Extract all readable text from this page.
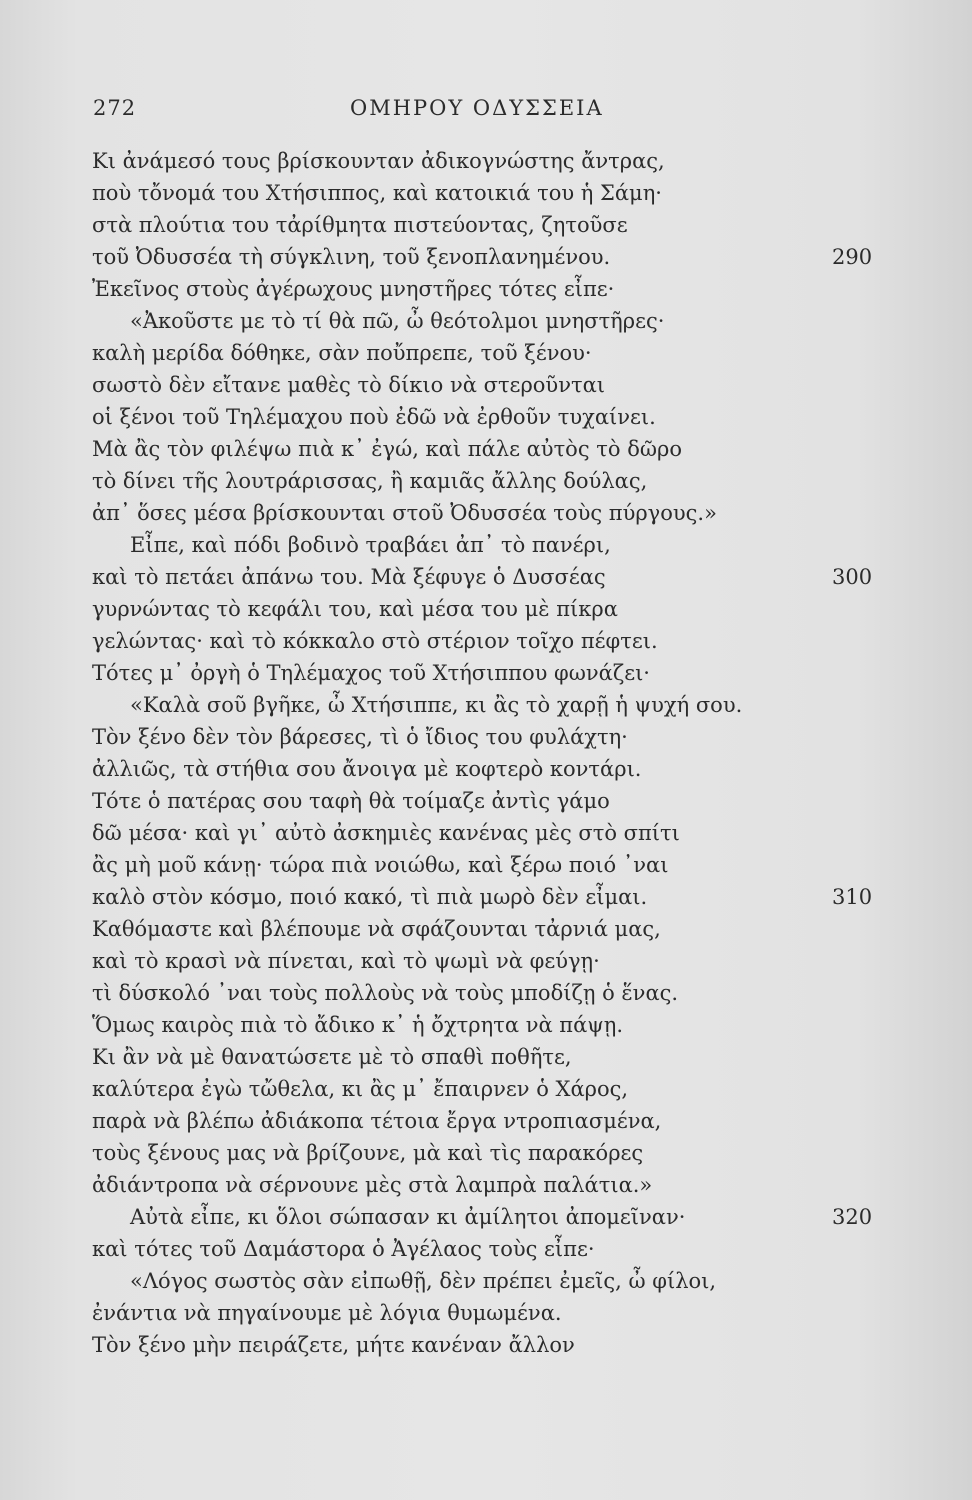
272	ΟΜΗΡΟΥ ΟΔΥΣΣΕΙΑ
Κι ἀνάμεσό τους βρίσκουνταν ἀδικογνώστης ἄντρας,
ποὺ τὄνομά του Χτήσιππος, καὶ κατοικιά του ἡ Σάμη·
στὰ πλούτια του τἀρίθμητα πιστεύοντας, ζητοῦσε
τοῦ Ὀδυσσέα τὴ σύγκλινη, τοῦ ξενοπλανημένου.	290
Ἐκεῖνος στοὺς ἀγέρωχους μνηστῆρες τότες εἶπε·
«Ἀκοῦστε με τὸ τί θὰ πῶ, ὦ θεότολμοι μνηστῆρες·
καλὴ μερίδα δόθηκε, σὰν ποὔπρεπε, τοῦ ξένου·
σωστὸ δὲν εἴτανε μαθὲς τὸ δίκιο νὰ στεροῦνται
οἱ ξένοι τοῦ Τηλέμαχου ποὺ ἐδῶ νὰ ἐρθοῦν τυχαίνει.
Μὰ ἂς τὸν φιλέψω πιὰ κ᾿ ἐγώ, καὶ πάλε αὐτὸς τὸ δῶρο
τὸ δίνει τῆς λουτράρισσας, ἢ καμιᾶς ἄλλης δούλας,
ἀπ᾿ ὅσες μέσα βρίσκουνται στοῦ Ὀδυσσέα τοὺς πύργους.»
Εἶπε, καὶ πόδι βοδινὸ τραβάει ἀπ᾿ τὸ πανέρι,
καὶ τὸ πετάει ἀπάνω του. Μὰ ξέφυγε ὁ Δυσσέας	300
γυρνώντας τὸ κεφάλι του, καὶ μέσα του μὲ πίκρα
γελώντας· καὶ τὸ κόκκαλο στὸ στέριον τοῖχο πέφτει.
Τότες μ᾿ ὀργὴ ὁ Τηλέμαχος τοῦ Χτήσιππου φωνάζει·
«Καλὰ σοῦ βγῆκε, ὦ Χτήσιππε, κι ἂς τὸ χαρῇ ἡ ψυχή σου.
Τὸν ξένο δὲν τὸν βάρεσες, τὶ ὁ ἴδιος του φυλάχτη·
ἀλλιῶς, τὰ στήθια σου ἄνοιγα μὲ κοφτερὸ κοντάρι.
Τότε ὁ πατέρας σου ταφὴ θὰ τοίμαζε ἀντὶς γάμο
δῶ μέσα· καὶ γι᾿ αὐτὸ ἀσκημιὲς κανένας μὲς στὸ σπίτι
ἂς μὴ μοῦ κάνῃ· τώρα πιὰ νοιώθω, καὶ ξέρω ποιό ᾿ναι
καλὸ στὸν κόσμο, ποιό κακό, τὶ πιὰ μωρὸ δὲν εἶμαι.	310
Καθόμαστε καὶ βλέπουμε νὰ σφάζουνται τἀρνιά μας,
καὶ τὸ κρασὶ νὰ πίνεται, καὶ τὸ ψωμὶ νὰ φεύγῃ·
τὶ δύσκολό ᾿ναι τοὺς πολλοὺς νὰ τοὺς μποδίζῃ ὁ ἕνας.
Ὅμως καιρὸς πιὰ τὸ ἄδικο κ᾿ ἡ ὄχτρητα νὰ πάψῃ.
Κι ἂν νὰ μὲ θανατώσετε μὲ τὸ σπαθὶ ποθῆτε,
καλύτερα ἐγὼ τὤθελα, κι ἂς μ᾿ ἔπαιρνεν ὁ Χάρος,
παρὰ νὰ βλέπω ἀδιάκοπα τέτοια ἔργα ντροπιασμένα,
τοὺς ξένους μας νὰ βρίζουνε, μὰ καὶ τὶς παρακόρες
ἀδιάντροπα νὰ σέρνουνε μὲς στὰ λαμπρὰ παλάτια.»
Αὐτὰ εἶπε, κι ὅλοι σώπασαν κι ἀμίλητοι ἀπομεῖναν·	320
καὶ τότες τοῦ Δαμάστορα ὁ Ἀγέλαος τοὺς εἶπε·
«Λόγος σωστὸς σὰν εἰπωθῇ, δὲν πρέπει ἐμεῖς, ὦ φίλοι,
ἐνάντια νὰ πηγαίνουμε μὲ λόγια θυμωμένα.
Τὸν ξένο μὴν πειράζετε, μήτε κανέναν ἄλλον
